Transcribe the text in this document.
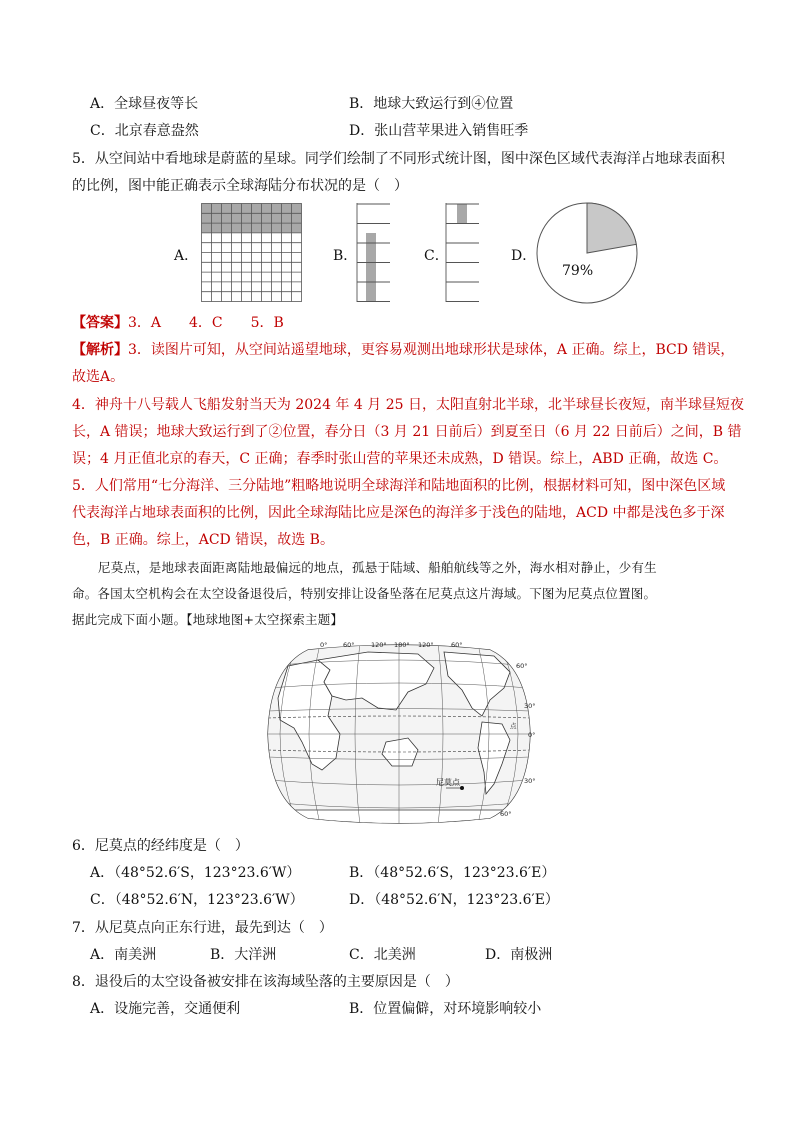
A．全球昼夜等长	B．地球大致运行到④位置
C．北京春意盎然	D．张山营苹果进入销售旺季
5．从空间站中看地球是蔚蓝的星球。同学们绘制了不同形式统计图，图中深色区域代表海洋占地球表面积
的比例，图中能正确表示全球海陆分布状况的是（　）
A．	B．	C．	D．
79%
【答案】3．A　　4．C　　5．B
【解析】3．读图片可知，从空间站遥望地球，更容易观测出地球形状是球体，A 正确。综上，BCD 错误，
故选A。
4．神舟十八号载人飞船发射当天为 2024 年 4 月 25 日，太阳直射北半球，北半球昼长夜短，南半球昼短夜
长，A 错误；地球大致运行到了②位置，春分日（3 月 21 日前后）到夏至日（6 月 22 日前后）之间，B 错
误；4 月正值北京的春天，C 正确；春季时张山营的苹果还未成熟，D 错误。综上，ABD 正确，故选 C。
5．人们常用“七分海洋、三分陆地”粗略地说明全球海洋和陆地面积的比例，根据材料可知，图中深色区域
代表海洋占地球表面积的比例，因此全球海陆比应是深色的海洋多于浅色的陆地，ACD 中都是浅色多于深
色，B 正确。综上，ACD 错误，故选 B。
尼莫点，是地球表面距离陆地最偏远的地点，孤悬于陆域、船舶航线等之外，海水相对静止，少有生
命。各国太空机构会在太空设备退役后，特别安排让设备坠落在尼莫点这片海域。下图为尼莫点位置图。
据此完成下面小题。【地球地图+太空探索主题】
0° 60°	120° 180° 120°	60°
60°
30°
0°
30°
60°
点
尼莫点
6．尼莫点的经纬度是（　）
A．（48°52.6′S，123°23.6′W）	B．（48°52.6′S，123°23.6′E）
C．（48°52.6′N，123°23.6′W）	D．（48°52.6′N，123°23.6′E）
7．从尼莫点向正东行进，最先到达（　）
A．南美洲	B．大洋洲	C．北美洲	D．南极洲
8．退役后的太空设备被安排在该海域坠落的主要原因是（　）
A．设施完善，交通便利	B．位置偏僻，对环境影响较小
